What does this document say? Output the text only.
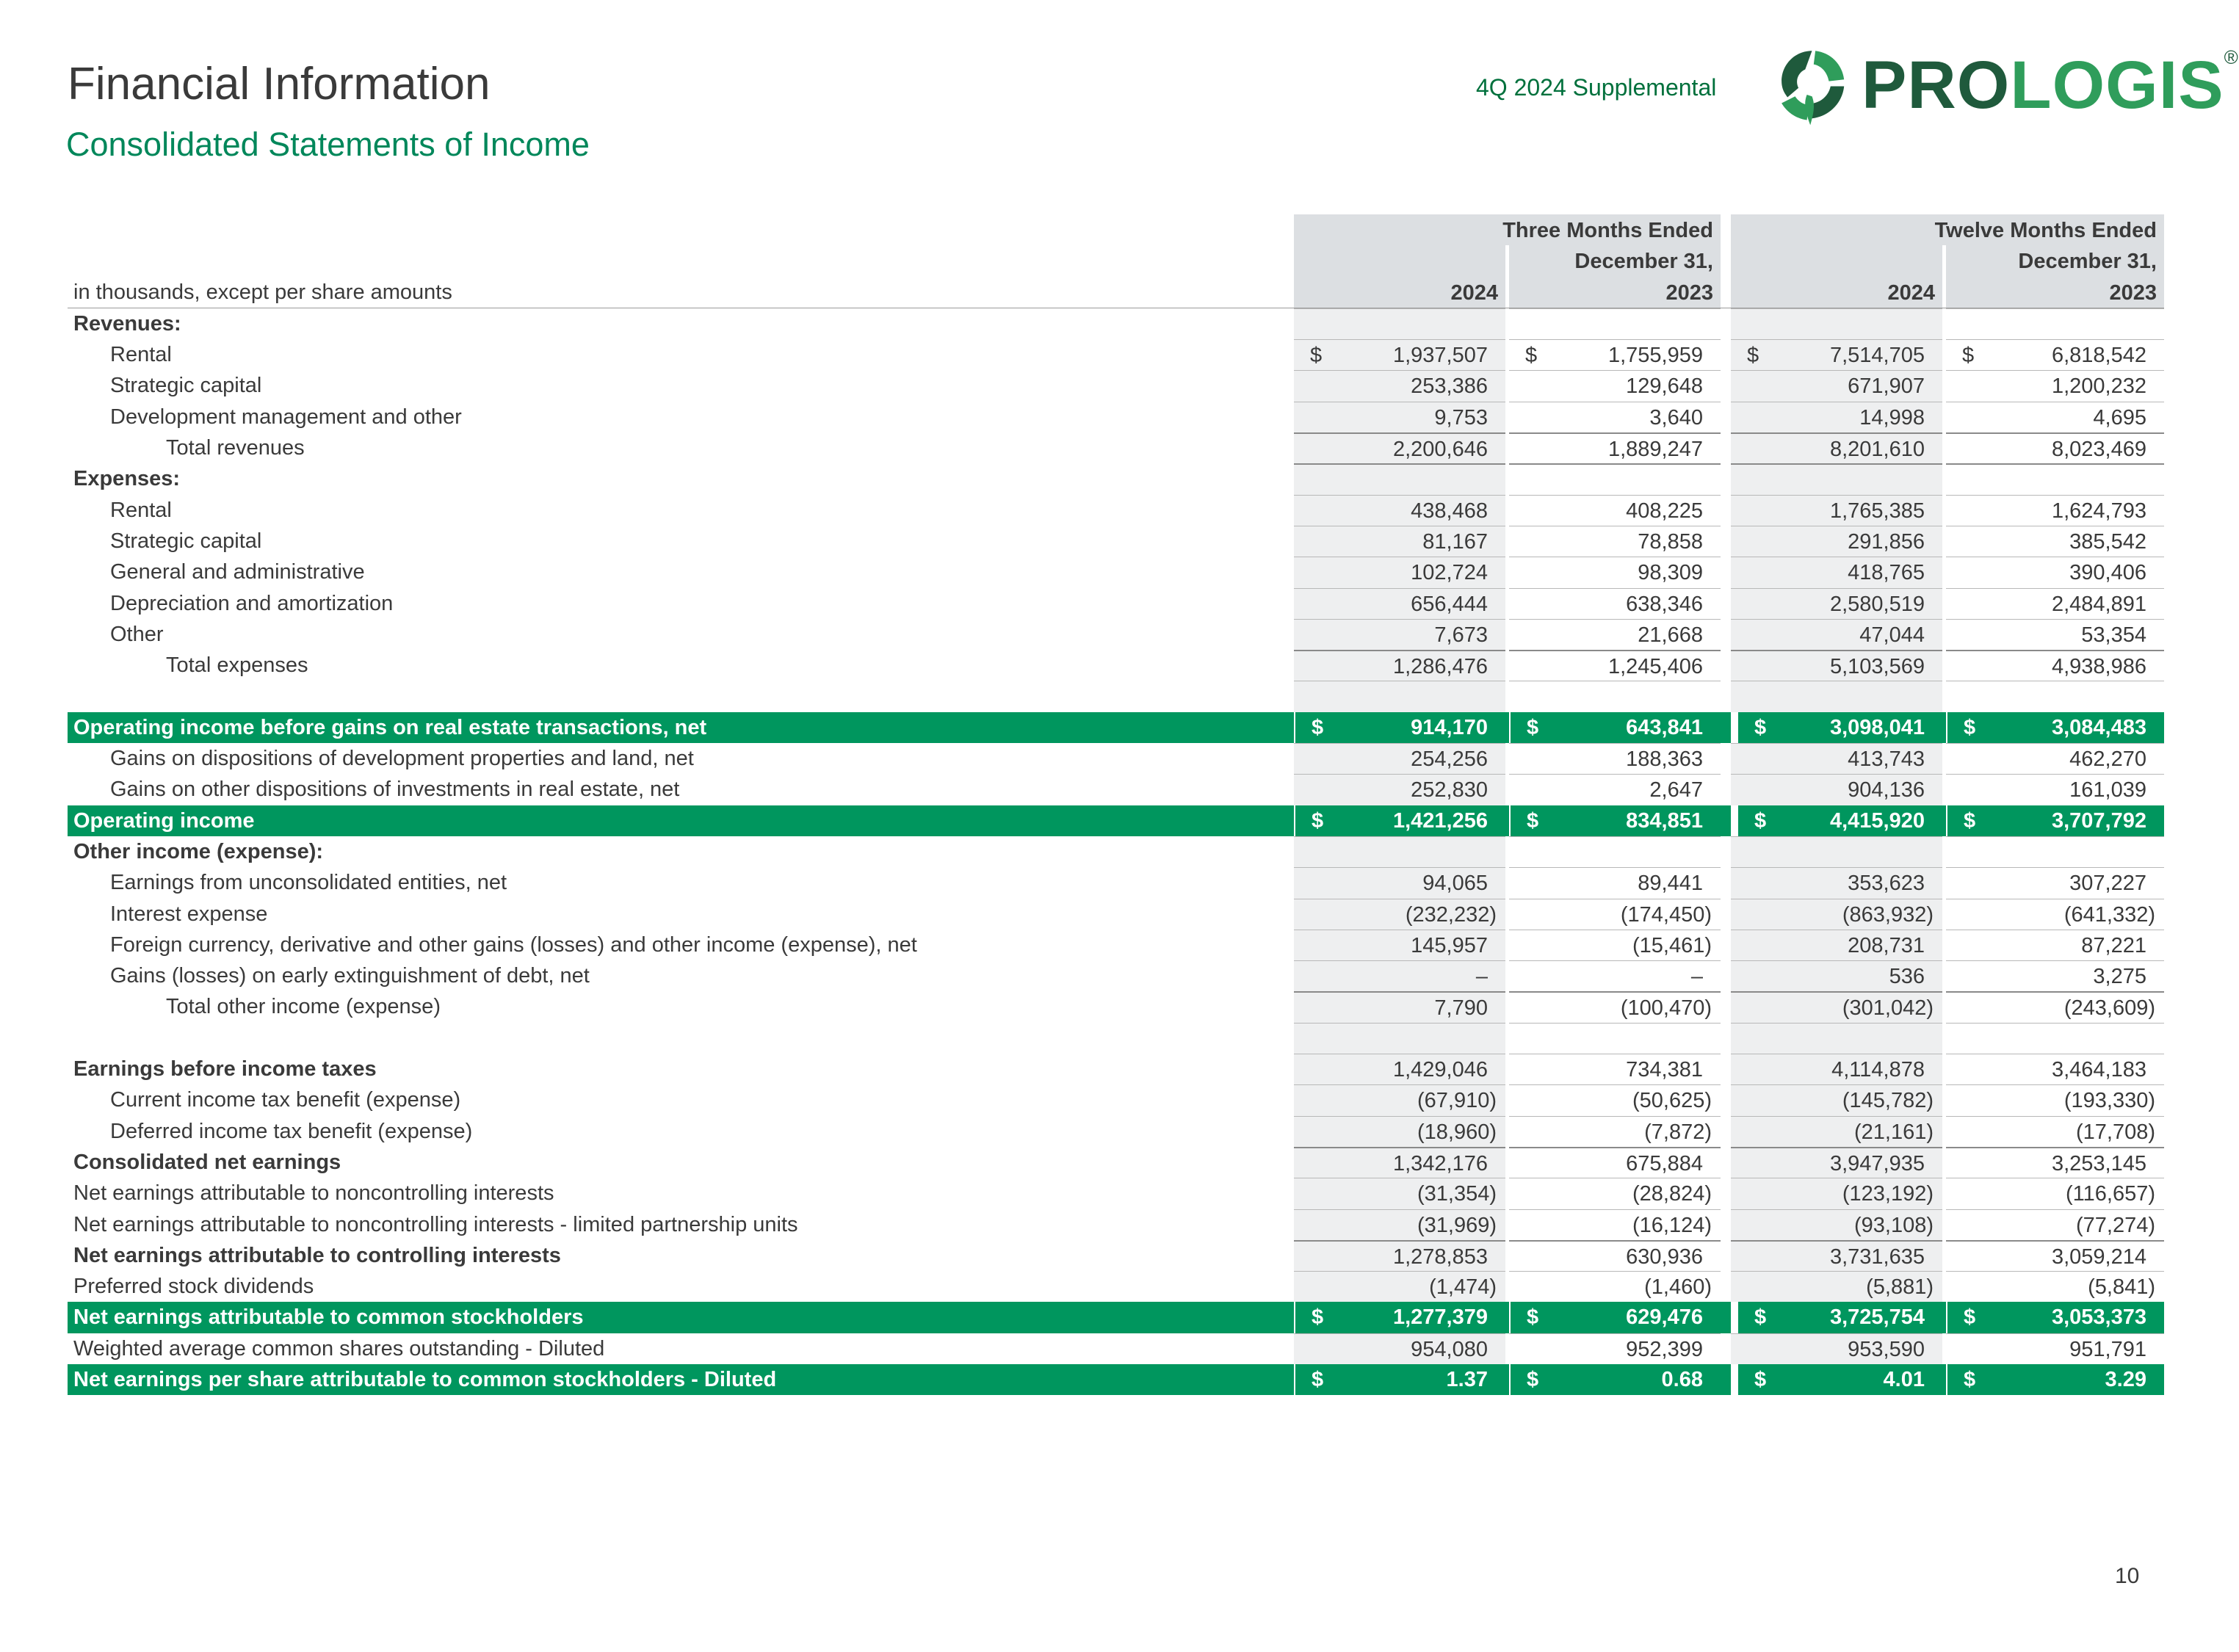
Financial Information
Consolidated Statements of Income
4Q 2024 Supplemental PROLOGIS®
Three Months Ended	Twelve Months Ended
December 31,	December 31,
in thousands, except per share amounts	2024	2023	2024	2023
Revenues:
Rental	$	1,937,507 $	1,755,959 $	7,514,705 $	6,818,542
Strategic capital	253,386	129,648	671,907	1,200,232
Development management and other	9,753	3,640	14,998	4,695
Total revenues	2,200,646	1,889,247	8,201,610	8,023,469
Expenses:
Rental	438,468	408,225	1,765,385	1,624,793
Strategic capital	81,167	78,858	291,856	385,542
General and administrative	102,724	98,309	418,765	390,406
Depreciation and amortization	656,444	638,346	2,580,519	2,484,891
Other	7,673	21,668	47,044	53,354
Total expenses	1,286,476	1,245,406	5,103,569	4,938,986
Operating income before gains on real estate transactions, net	$	914,170 $	643,841 $	3,098,041 $	3,084,483
Gains on dispositions of development properties and land, net	254,256	188,363	413,743	462,270
Gains on other dispositions of investments in real estate, net	252,830	2,647	904,136	161,039
Operating income	$	1,421,256 $	834,851 $	4,415,920 $	3,707,792
Other income (expense):
Earnings from unconsolidated entities, net	94,065	89,441	353,623	307,227
Interest expense	(232,232)	(174,450)	(863,932)	(641,332)
Foreign currency, derivative and other gains (losses) and other income (expense), net	145,957	(15,461)	208,731	87,221
Gains (losses) on early extinguishment of debt, net	–	–	536	3,275
Total other income (expense)	7,790	(100,470)	(301,042)	(243,609)
Earnings before income taxes	1,429,046	734,381	4,114,878	3,464,183
Current income tax benefit (expense)	(67,910)	(50,625)	(145,782)	(193,330)
Deferred income tax benefit (expense)	(18,960)	(7,872)	(21,161)	(17,708)
Consolidated net earnings	1,342,176	675,884	3,947,935	3,253,145
Net earnings attributable to noncontrolling interests	(31,354)	(28,824)	(123,192)	(116,657)
Net earnings attributable to noncontrolling interests - limited partnership units	(31,969)	(16,124)	(93,108)	(77,274)
Net earnings attributable to controlling interests	1,278,853	630,936	3,731,635	3,059,214
Preferred stock dividends	(1,474)	(1,460)	(5,881)	(5,841)
Net earnings attributable to common stockholders	$	1,277,379 $	629,476 $	3,725,754 $	3,053,373
Weighted average common shares outstanding - Diluted	954,080	952,399	953,590	951,791
Net earnings per share attributable to common stockholders - Diluted	$	1.37 $	0.68 $	4.01 $	3.29
10
